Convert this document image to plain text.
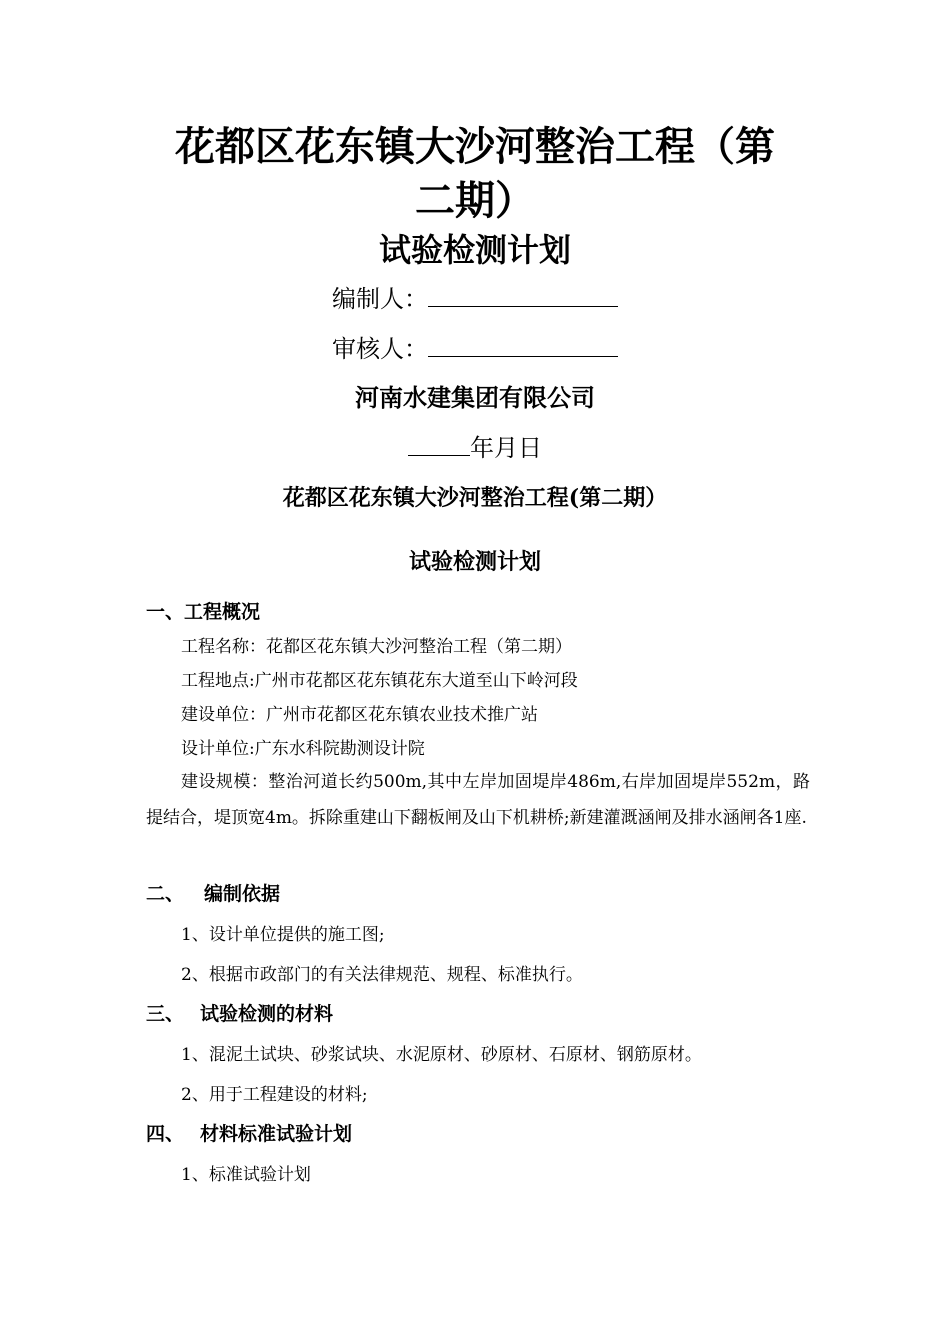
花都区花东镇大沙河整治工程（第
二期）
试验检测计划
编制人：
审核人：
河南水建集团有限公司
年月日
花都区花东镇大沙河整治工程(第二期）
试验检测计划
一、工程概况
工程名称：花都区花东镇大沙河整治工程（第二期）
工程地点:广州市花都区花东镇花东大道至山下岭河段
建设单位：广州市花都区花东镇农业技术推广站
设计单位:广东水科院勘测设计院
建设规模：整治河道长约500m,其中左岸加固堤岸486m,右岸加固堤岸552m，路提结合，堤顶宽4m。拆除重建山下翻板闸及山下机耕桥;新建灌溉涵闸及排水涵闸各1座.
二、 编制依据
1、设计单位提供的施工图;
2、根据市政部门的有关法律规范、规程、标准执行。
三、 试验检测的材料
1、混泥土试块、砂浆试块、水泥原材、砂原材、石原材、钢筋原材。
2、用于工程建设的材料;
四、 材料标准试验计划
1、标准试验计划
